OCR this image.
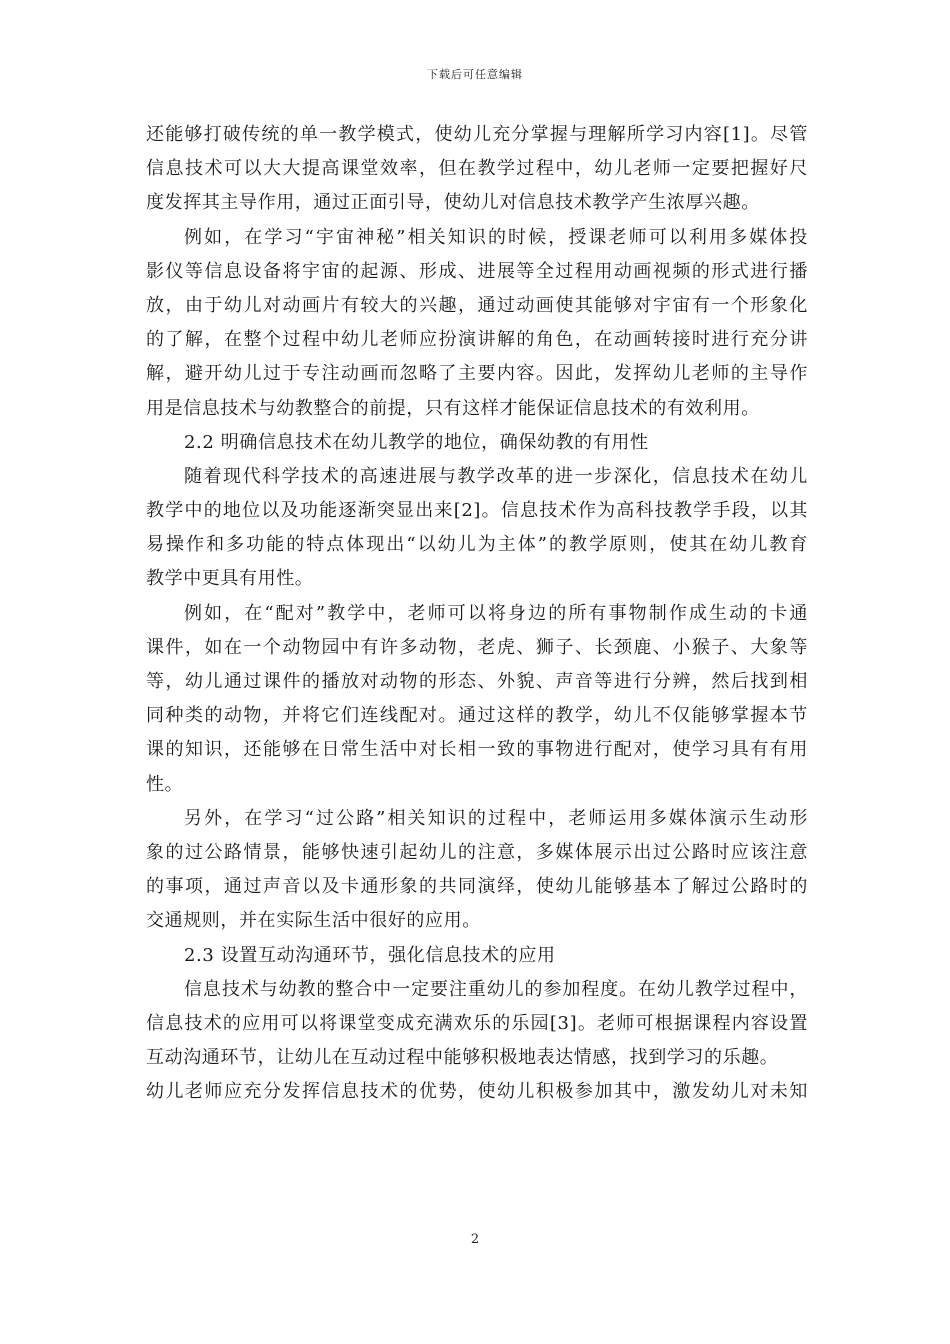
下载后可任意编辑
还能够打破传统的单一教学模式，使幼儿充分掌握与理解所学习内容[1]。尽管
信息技术可以大大提高课堂效率，但在教学过程中，幼儿老师一定要把握好尺
度发挥其主导作用，通过正面引导，使幼儿对信息技术教学产生浓厚兴趣。
例如，在学习“宇宙神秘”相关知识的时候，授课老师可以利用多媒体投
影仪等信息设备将宇宙的起源、形成、进展等全过程用动画视频的形式进行播
放，由于幼儿对动画片有较大的兴趣，通过动画使其能够对宇宙有一个形象化
的了解，在整个过程中幼儿老师应扮演讲解的角色，在动画转接时进行充分讲
解，避开幼儿过于专注动画而忽略了主要内容。因此，发挥幼儿老师的主导作
用是信息技术与幼教整合的前提，只有这样才能保证信息技术的有效利用。
2.2 明确信息技术在幼儿教学的地位，确保幼教的有用性
随着现代科学技术的高速进展与教学改革的进一步深化，信息技术在幼儿
教学中的地位以及功能逐渐突显出来[2]。信息技术作为高科技教学手段，以其
易操作和多功能的特点体现出“以幼儿为主体”的教学原则，使其在幼儿教育
教学中更具有用性。
例如，在“配对”教学中，老师可以将身边的所有事物制作成生动的卡通
课件，如在一个动物园中有许多动物，老虎、狮子、长颈鹿、小猴子、大象等
等，幼儿通过课件的播放对动物的形态、外貌、声音等进行分辨，然后找到相
同种类的动物，并将它们连线配对。通过这样的教学，幼儿不仅能够掌握本节
课的知识，还能够在日常生活中对长相一致的事物进行配对，使学习具有有用
性。
另外，在学习“过公路”相关知识的过程中，老师运用多媒体演示生动形
象的过公路情景，能够快速引起幼儿的注意，多媒体展示出过公路时应该注意
的事项，通过声音以及卡通形象的共同演绎，使幼儿能够基本了解过公路时的
交通规则，并在实际生活中很好的应用。
2.3 设置互动沟通环节，强化信息技术的应用
信息技术与幼教的整合中一定要注重幼儿的参加程度。在幼儿教学过程中，
信息技术的应用可以将课堂变成充满欢乐的乐园[3]。老师可根据课程内容设置
互动沟通环节，让幼儿在互动过程中能够积极地表达情感，找到学习的乐趣。
幼儿老师应充分发挥信息技术的优势，使幼儿积极参加其中，激发幼儿对未知
2
